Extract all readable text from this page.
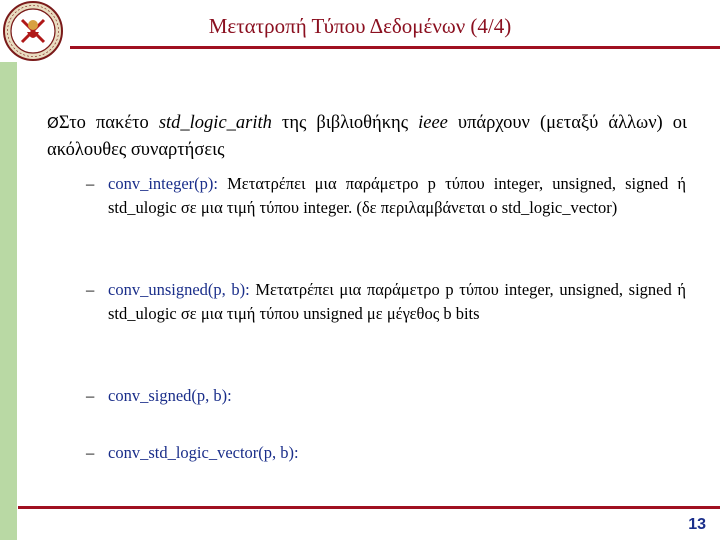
Μετατροπή Τύπου Δεδομένων (4/4)
ØΣτο πακέτο std_logic_arith της βιβλιοθήκης ieee υπάρχουν (μεταξύ άλλων) οι ακόλουθες συναρτήσεις
– conv_integer(p): Μετατρέπει μια παράμετρο p τύπου integer, unsigned, signed ή std_ulogic σε μια τιμή τύπου integer. (δε περιλαμβάνεται ο std_logic_vector)
– conv_unsigned(p, b): Μετατρέπει μια παράμετρο p τύπου integer, unsigned, signed ή std_ulogic σε μια τιμή τύπου unsigned με μέγεθος b bits
– conv_signed(p, b):
– conv_std_logic_vector(p, b):
13
